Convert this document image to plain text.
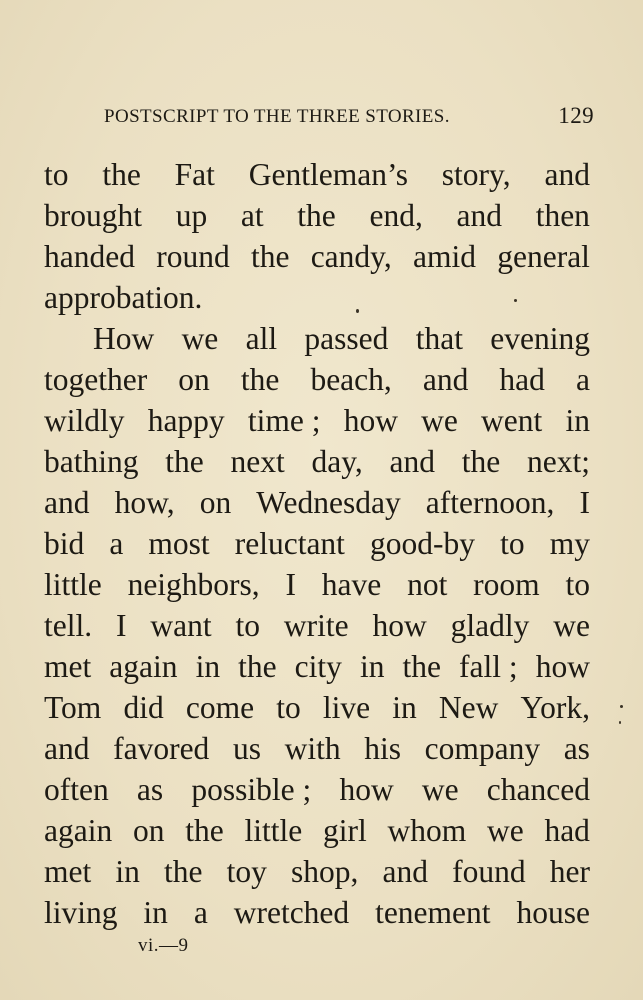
POSTSCRIPT TO THE THREE STORIES.	129
to the Fat Gentleman’s story, and
brought up at the end, and then
handed round the candy, amid general
approbation.
How we all passed that evening
together on the beach, and had a
wildly happy time ; how we went in
bathing the next day, and the next;
and how, on Wednesday afternoon, I
bid a most reluctant good-by to my
little neighbors, I have not room to
tell. I want to write how gladly we
met again in the city in the fall ; how
Tom did come to live in New York,
and favored us with his company as
often as possible ; how we chanced
again on the little girl whom we had
met in the toy shop, and found her
living in a wretched tenement house
vi.—9
